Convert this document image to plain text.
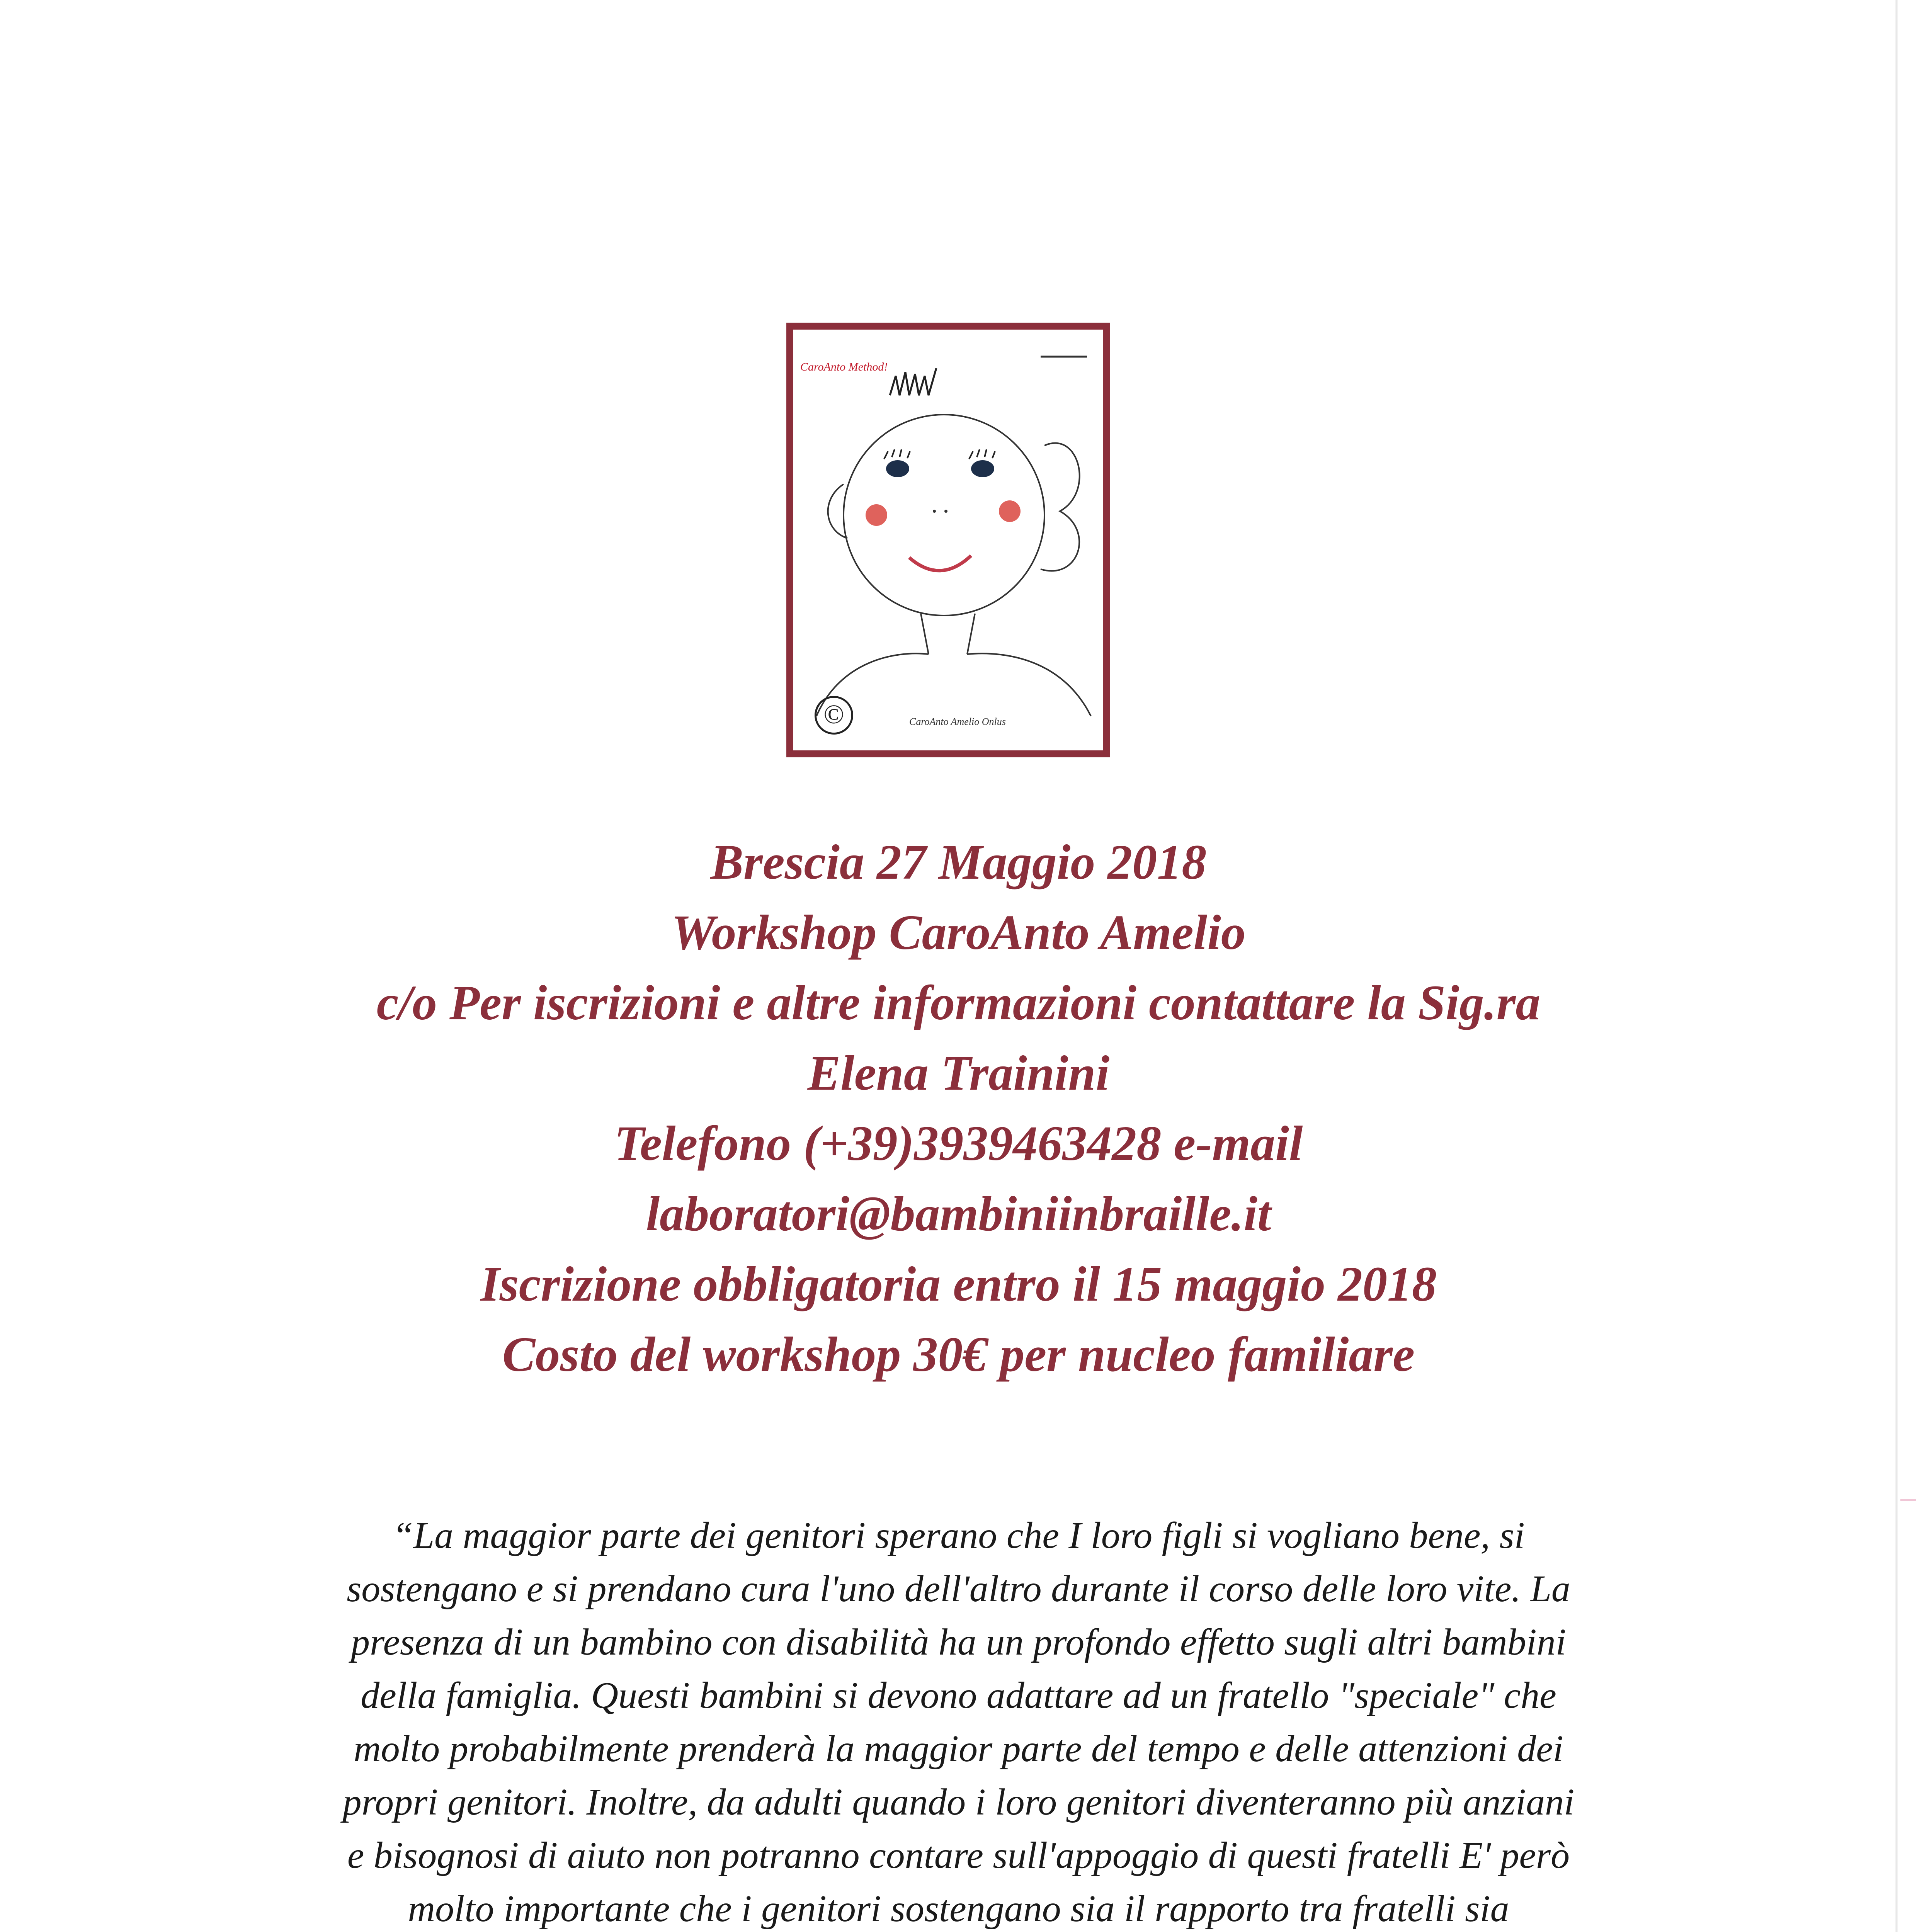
CaroAnto Method!
©	CaroAnto Amelio Onlus
Brescia 27 Maggio 2018
Workshop CaroAnto Amelio
c/o Per iscrizioni e altre informazioni contattare la Sig.ra
Elena Trainini
Telefono (+39)3939463428 e-mail
laboratori@bambiniinbraille.it
Iscrizione obbligatoria entro il 15 maggio 2018
Costo del workshop 30€ per nucleo familiare
“La maggior parte dei genitori sperano che I loro figli si vogliano bene, si
sostengano e si prendano cura l'uno dell'altro durante il corso delle loro vite. La
presenza di un bambino con disabilità ha un profondo effetto sugli altri bambini
della famiglia. Questi bambini si devono adattare ad un fratello "speciale" che
molto probabilmente prenderà la maggior parte del tempo e delle attenzioni dei
propri genitori. Inoltre, da adulti quando i loro genitori diventeranno più anziani
e bisognosi di aiuto non potranno contare sull'appoggio di questi fratelli E' però
molto importante che i genitori sostengano sia il rapporto tra fratelli sia
